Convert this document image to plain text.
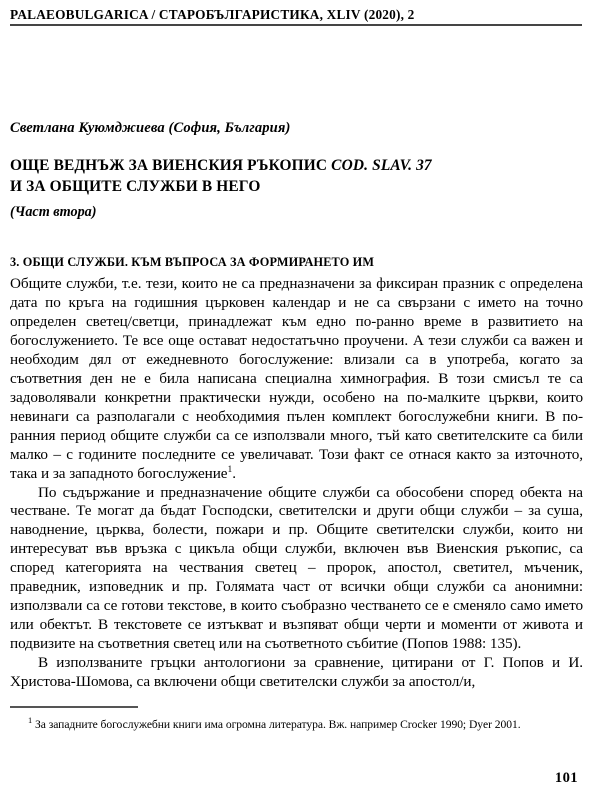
PALAEOBULGARICA / СТАРОБЪЛГАРИСТИКА, XLIV (2020), 2
Светлана Куюмджиева (София, България)
ОЩЕ ВЕДНЪЖ ЗА ВИЕНСКИЯ РЪКОПИС COD. SLAV. 37
И ЗА ОБЩИТЕ СЛУЖБИ В НЕГО
(Част втора)
3. ОБЩИ СЛУЖБИ. КЪМ ВЪПРОСА ЗА ФОРМИРАНЕТО ИМ

Общите служби, т.е. тези, които не са предназначени за фиксиран празник с определена дата по кръга на годишния църковен календар и не са свързани с името на точно определен светец/светци, принадлежат към едно по-ранно време в развитието на богослужението. Те все още остават недостатъчно проучени. А тези служби са важен и необходим дял от ежедневното богослужение: влизали са в употреба, когато за съответния ден не е била написана специална химнография. В този смисъл те са задоволявали конкретни практически нужди, особено на по-малките църкви, които невинаги са разполагали с необходимия пълен комплект богослужебни книги. В по-ранния период общите служби са се използвали много, тъй като светителските са били малко – с годините последните се увеличават. Този факт се отнася както за източното, така и за западното богослужение$^1$.

По съдържание и предназначение общите служби са обособени според обекта на честване. Те могат да бъдат Господски, светителски и други общи служби – за суша, наводнение, църква, болести, пожари и пр. Общите светителски служби, които ни интересуват във връзка с цикъла общи служби, включен във Виенския ръкопис, са според категорията на чествания светец – пророк, апостол, светител, мъченик, праведник, изповедник и пр. Голямата част от всички общи служби са анонимни: използвали са се готови текстове, в които съобразно честването се е сменяло само името или обектът. В текстовете се изтъкват и възпяват общи черти и моменти от живота и подвизите на съответния светец или на съответното събитие (Попов 1988: 135).

В използваните гръцки антологиони за сравнение, цитирани от Г. Попов и И. Христова-Шомова, са включени общи светителски служби за апостол/и,

$^1$ За западните богослужебни книги има огромна литература. Вж. например Crocker 1990; Dyer 2001.
101
